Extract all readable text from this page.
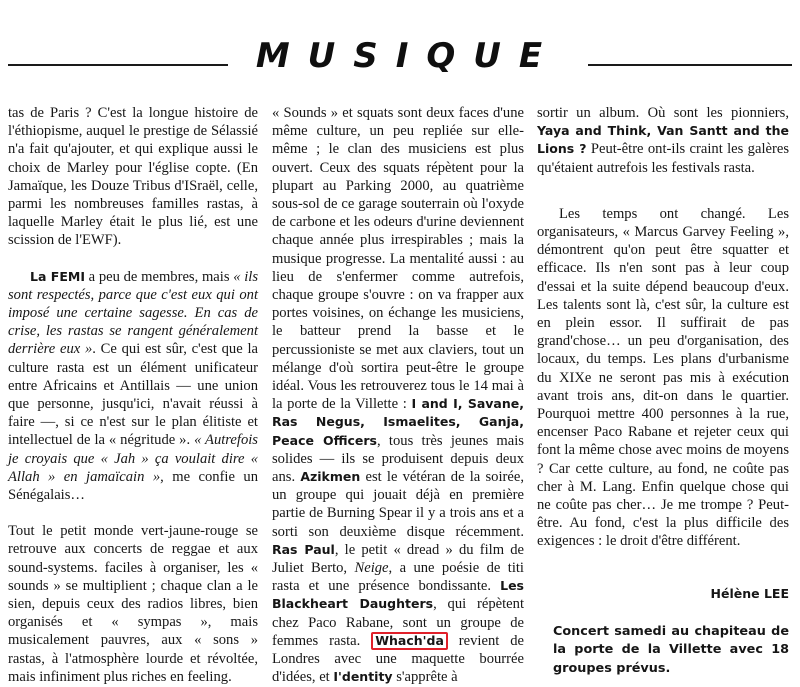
MUSIQUE

tas de Paris ? C'est la longue histoire de l'éthiopisme, auquel le prestige de Sélassié n'a fait qu'ajouter, et qui explique aussi le choix de Marley pour l'église copte. (En Jamaïque, les Douze Tribus d'ISraël, celle, parmi les nombreuses familles rastas, à laquelle Marley était le plus lié, est une scission de l'EWF).

La FEMI a peu de membres, mais « ils sont respectés, parce que c'est eux qui ont imposé une certaine sagesse. En cas de crise, les rastas se rangent généralement derrière eux ». Ce qui est sûr, c'est que la culture rasta est un élément unificateur entre Africains et Antillais — une union que personne, jusqu'ici, n'avait réussi à faire —, si ce n'est sur le plan élitiste et intellectuel de la « négritude ». « Autrefois je croyais que « Jah » ça voulait dire « Allah » en jamaïcain », me confie un Sénégalais…

Tout le petit monde vert-jaune-rouge se retrouve aux concerts de reggae et aux sound-systems. faciles à organiser, les « sounds » se multiplient ; chaque clan a le sien, depuis ceux des radios libres, bien organisés et « sympas », mais musicalement pauvres, aux « sons » rastas, à l'atmosphère lourde et révoltée, mais infiniment plus riches en feeling.

« Sounds » et squats sont deux faces d'une même culture, un peu repliée sur elle-même ; le clan des musiciens est plus ouvert. Ceux des squats répètent pour la plupart au Parking 2000, au quatrième sous-sol de ce garage souterrain où l'oxyde de carbone et les odeurs d'urine deviennent chaque année plus irrespirables ; mais la musique progresse. La mentalité aussi : au lieu de s'enfermer comme autrefois, chaque groupe s'ouvre : on va frapper aux portes voisines, on échange les musiciens, le batteur prend la basse et le percussioniste se met aux claviers, tout un mélange d'où sortira peut-être le groupe idéal. Vous les retrouverez tous le 14 mai à la porte de la Villette : I and I, Savane, Ras Negus, Ismaelites, Ganja, Peace Officers, tous très jeunes mais solides — ils se produisent depuis deux ans. Azikmen est le vétéran de la soirée, un groupe qui jouait déjà en première partie de Burning Spear il y a trois ans et a sorti son deuxième disque récemment. Ras Paul, le petit « dread » du film de Juliet Berto, Neige, a une poésie de titi rasta et une présence bondissante. Les Blackheart Daughters, qui répètent chez Paco Rabane, sont un groupe de femmes rasta. Whach'da revient de Londres avec une maquette bourrée d'idées, et I'dentity s'apprête à

sortir un album. Où sont les pionniers, Yaya and Think, Van Santt and the Lions ? Peut-être ont-ils craint les galères qu'étaient autrefois les festivals rasta.

Les temps ont changé. Les organisateurs, « Marcus Garvey Feeling », démontrent qu'on peut être squatter et efficace. Ils n'en sont pas à leur coup d'essai et la suite dépend beaucoup d'eux. Les talents sont là, c'est sûr, la culture est en plein essor. Il suffirait de pas grand'chose… un peu d'organisation, des locaux, du temps. Les plans d'urbanisme du XIXe ne seront pas mis à exécution avant trois ans, dit-on dans le quartier. Pourquoi mettre 400 personnes à la rue, encenser Paco Rabane et rejeter ceux qui font la même chose avec moins de moyens ? Car cette culture, au fond, ne coûte pas cher à M. Lang. Enfin quelque chose qui ne coûte pas cher… Je me trompe ? Peut-être. Au fond, c'est la plus difficile des exigences : le droit d'être différent.

Hélène LEE

Concert samedi au chapiteau de la porte de la Villette avec 18 groupes prévus.
